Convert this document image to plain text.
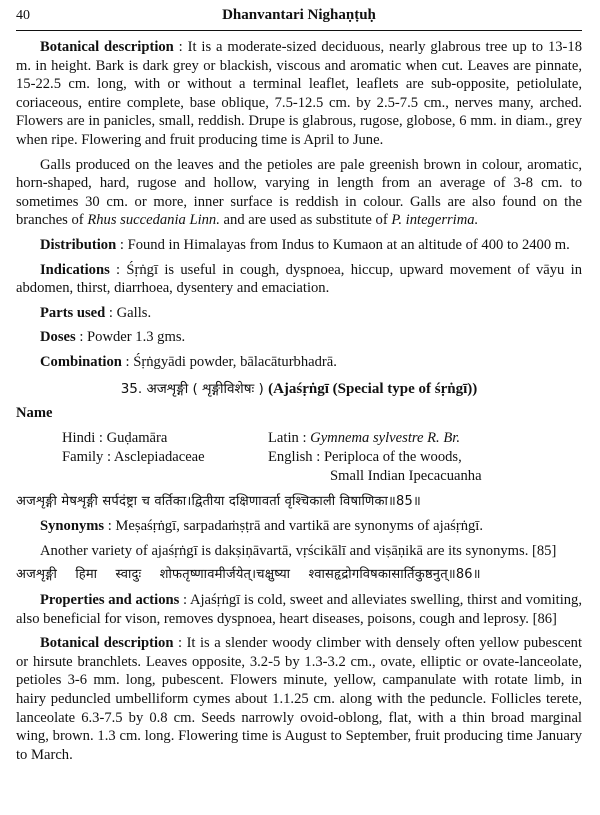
40	Dhanvantari Nighaṇṭuḥ

Botanical description : It is a moderate-sized deciduous, nearly glabrous tree up to 13-18 m. in height. Bark is dark grey or blackish, viscous and aromatic when cut. Leaves are pinnate, 15-22.5 cm. long, with or without a terminal leaflet, leaflets are sub-opposite, petiolulate, coriaceous, entire complete, base oblique, 7.5-12.5 cm. by 2.5-7.5 cm., nerves many, arched. Flowers are in panicles, small, reddish. Drupe is glabrous, rugose, globose, 6 mm. in diam., grey when ripe. Flowering and fruit producing time is April to June.

Galls produced on the leaves and the petioles are pale greenish brown in colour, aromatic, horn-shaped, hard, rugose and hollow, varying in length from an average of 3-8 cm. to sometimes 30 cm. or more, inner surface is reddish in colour. Galls are also found on the branches of Rhus succedania Linn. and are used as substitute of P. integerrima.

Distribution : Found in Himalayas from Indus to Kumaon at an altitude of 400 to 2400 m.

Indications : Śṛṅgī is useful in cough, dyspnoea, hiccup, upward movement of vāyu in abdomen, thirst, diarrhoea, dysentery and emaciation.

Parts used : Galls.

Doses : Powder 1.3 gms.

Combination : Śṛṅgyādi powder, bālacāturbhadrā.

35. अजशृङ्गी ( शृङ्गीविशेषः ) (Ajaśṛṅgī (Special type of śṛṅgī))
Name
Hindi : Guḍamāra
Family : Asclepiadaceae
Latin : Gymnema sylvestre R. Br.
English : Periploca of the woods,
Small Indian Ipecacuanha
अजशृङ्गी मेषशृङ्गी सर्पदंष्ट्रा च वर्तिका।द्वितीया दक्षिणावर्ता वृश्चिकाली विषाणिका॥85॥

Synonyms : Meṣaśṛṅgī, sarpadaṁṣṭrā and vartikā are synonyms of ajaśṛṅgī.

Another variety of ajaśṛṅgī is dakṣiṇāvartā, vṛścikālī and viṣāṇikā are its synonyms. [85]

अजशृङ्गी हिमा स्वादुः शोफतृष्णावमीर्जयेत्।चक्षुष्या श्वासहृद्रोगविषकासार्तिकुष्ठनुत्॥86॥

Properties and actions : Ajaśṛṅgī is cold, sweet and alleviates swelling, thirst and vomiting, also beneficial for vison, removes dyspnoea, heart diseases, poisons, cough and leprosy. [86]

Botanical description : It is a slender woody climber with densely often yellow pubescent or hirsute branchlets. Leaves opposite, 3.2-5 by 1.3-3.2 cm., ovate, elliptic or ovate-lanceolate, petioles 3-6 mm. long, pubescent. Flowers minute, yellow, campanulate with rotate limb, in hairy peduncled umbelliform cymes about 1.1.25 cm. along with the peduncle. Follicles terete, lanceolate 6.3-7.5 by 0.8 cm. Seeds narrowly ovoid-oblong, flat, with a thin broad marginal wing, brown. 1.3 cm. long. Flowering time is August to September, fruit producing time January to March.
